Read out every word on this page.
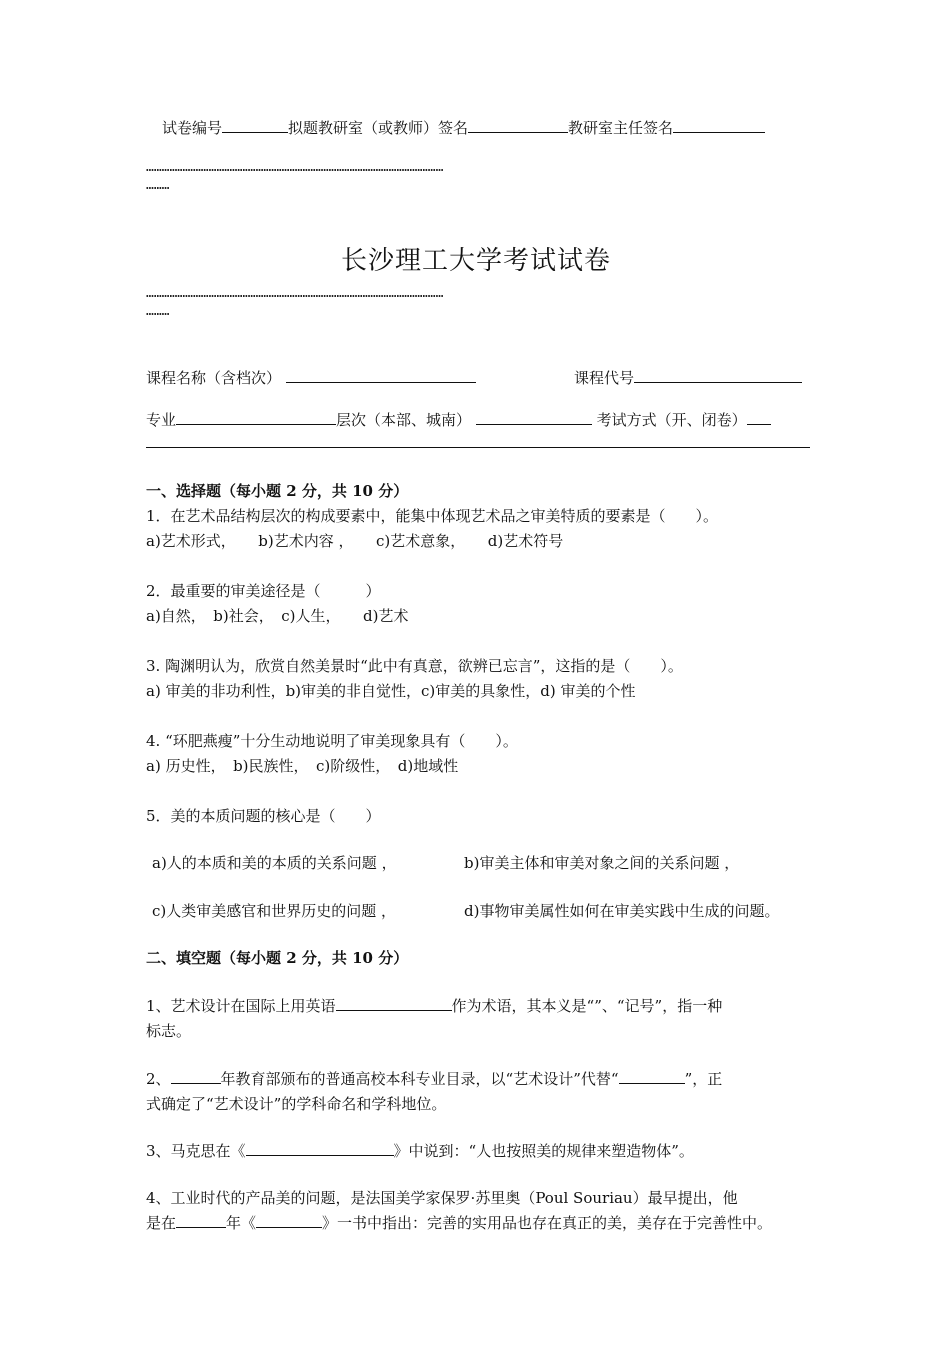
试卷编号	拟题教研室（或教师）签名	教研室主任签名
……………………………………………………………………………………………………
………
长沙理工大学考试试卷
……………………………………………………………………………………………………
………
课程名称（含档次）	课程代号
专业	层次（本部、城南）	考试方式（开、闭卷）
一、选择题（每小题 2 分，共 10 分）
1．在艺术品结构层次的构成要素中，能集中体现艺术品之审美特质的要素是（　　）。
a)艺术形式，　　b)艺术内容 ，　　c)艺术意象，　　d)艺术符号
2．最重要的审美途径是（　　　）
a)自然，　b)社会，　c)人生，　　d)艺术
3. 陶渊明认为，欣赏自然美景时“此中有真意，欲辨已忘言”，这指的是（　　）。
a) 审美的非功利性，b)审美的非自觉性，c)审美的具象性，d) 审美的个性
4. “环肥燕瘦”十分生动地说明了审美现象具有（　　）。
a) 历史性，　b)民族性，　c)阶级性，　d)地域性
5．美的本质问题的核心是（　　）
a)人的本质和美的本质的关系问题 ，	b)审美主体和审美对象之间的关系问题 ，
c)人类审美感官和世界历史的问题 ，	d)事物审美属性如何在审美实践中生成的问题。
二、填空题（每小题 2 分，共 10 分）
1、艺术设计在国际上用英语	作为术语，其本义是“”、“记号”，指一种
标志。
2、	年教育部颁布的普通高校本科专业目录，以“艺术设计”代替“	”，正
式确定了“艺术设计”的学科命名和学科地位。
3、马克思在《	》中说到：“人也按照美的规律来塑造物体”。
4、工业时代的产品美的问题，是法国美学家保罗·苏里奥（Poul Souriau）最早提出，他
是在	年《	》一书中指出：完善的实用品也存在真正的美，美存在于完善性中。
